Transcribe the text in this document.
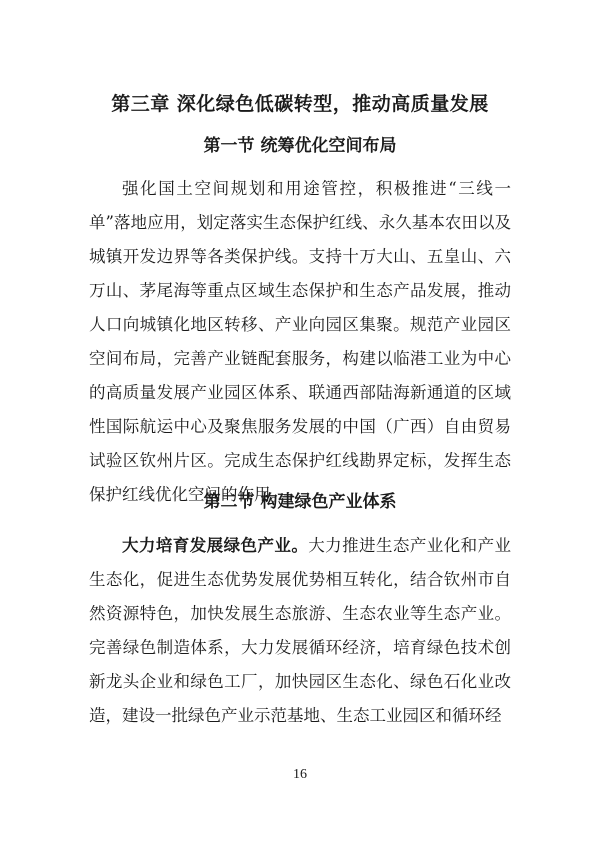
第三章 深化绿色低碳转型，推动高质量发展
第一节 统筹优化空间布局
强化国土空间规划和用途管控，积极推进“三线一单”落地应用，划定落实生态保护红线、永久基本农田以及城镇开发边界等各类保护线。支持十万大山、五皇山、六万山、茅尾海等重点区域生态保护和生态产品发展，推动人口向城镇化地区转移、产业向园区集聚。规范产业园区空间布局，完善产业链配套服务，构建以临港工业为中心的高质量发展产业园区体系、联通西部陆海新通道的区域性国际航运中心及聚焦服务发展的中国（广西）自由贸易试验区钦州片区。完成生态保护红线勘界定标，发挥生态保护红线优化空间的作用。
第二节 构建绿色产业体系
大力培育发展绿色产业。大力推进生态产业化和产业生态化，促进生态优势发展优势相互转化，结合钦州市自然资源特色，加快发展生态旅游、生态农业等生态产业。完善绿色制造体系，大力发展循环经济，培育绿色技术创新龙头企业和绿色工厂，加快园区生态化、绿色石化业改造，建设一批绿色产业示范基地、生态工业园区和循环经
16
